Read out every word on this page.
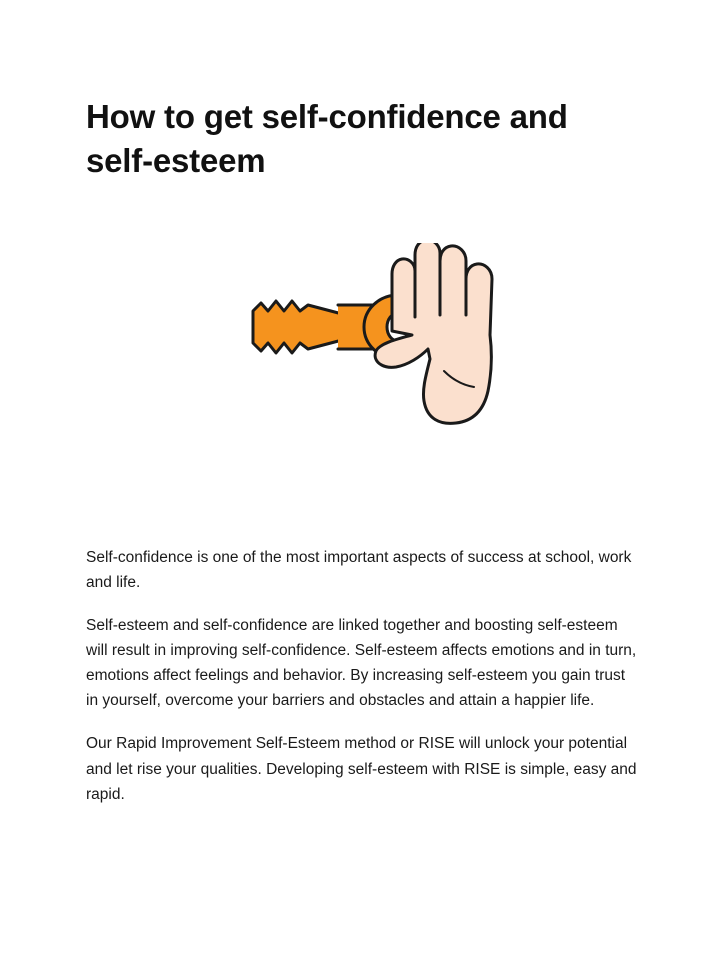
How to get self-confidence and self-esteem

Self-confidence is one of the most important aspects of success at school, work and life.

Self-esteem and self-confidence are linked together and boosting self-esteem will result in improving self-confidence. Self-esteem affects emotions and in turn, emotions affect feelings and behavior. By increasing self-esteem you gain trust in yourself, overcome your barriers and obstacles and attain a happier life.

Our Rapid Improvement Self-Esteem method or RISE will unlock your potential and let rise your qualities. Developing self-esteem with RISE is simple, easy and rapid.
